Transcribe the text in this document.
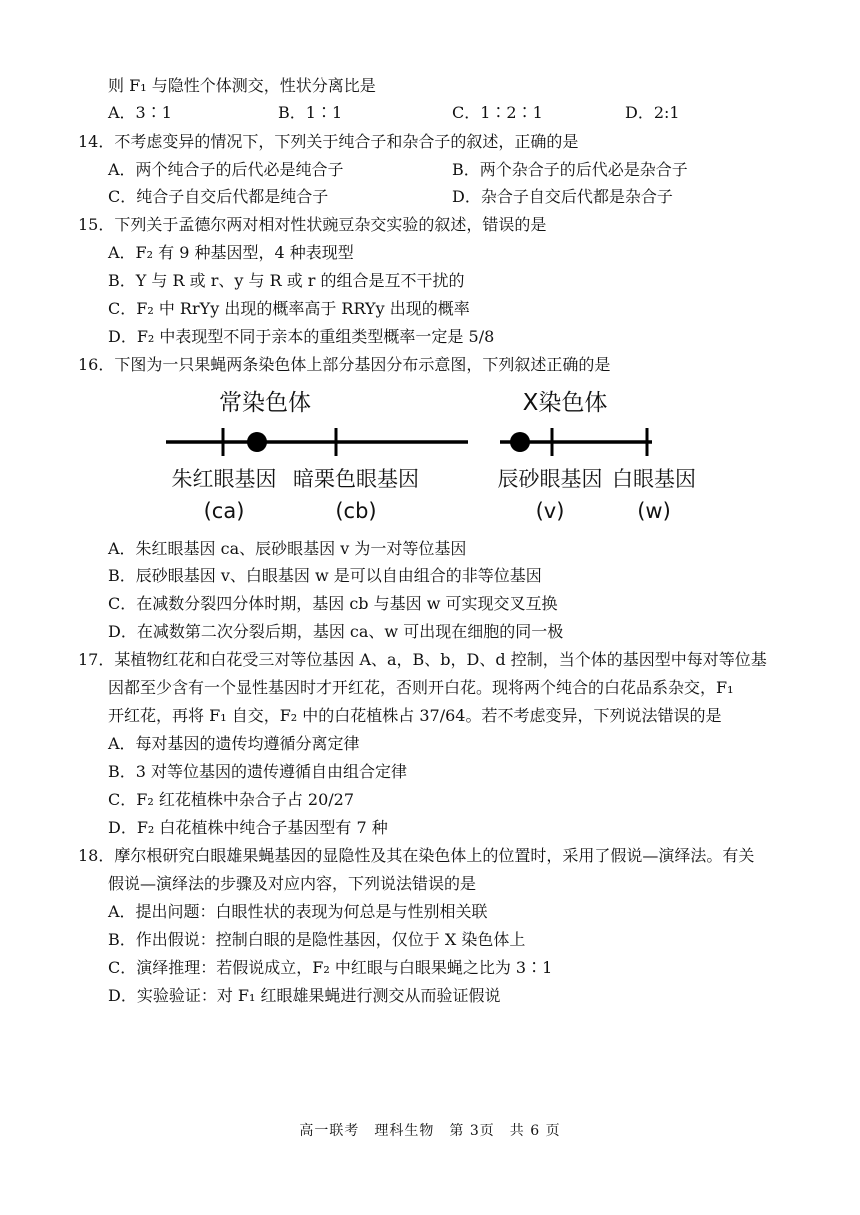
则 F₁ 与隐性个体测交，性状分离比是
A．3∶1	B．1∶1	C．1∶2∶1	D．2:1
14．不考虑变异的情况下，下列关于纯合子和杂合子的叙述，正确的是
A．两个纯合子的后代必是纯合子	B．两个杂合子的后代必是杂合子
C．纯合子自交后代都是纯合子	D．杂合子自交后代都是杂合子
15．下列关于孟德尔两对相对性状豌豆杂交实验的叙述，错误的是
A．F₂ 有 9 种基因型，4 种表现型
B．Y 与 R 或 r、y 与 R 或 r 的组合是互不干扰的
C．F₂ 中 RrYy 出现的概率高于 RRYy 出现的概率
D．F₂ 中表现型不同于亲本的重组类型概率一定是 5/8
16．下图为一只果蝇两条染色体上部分基因分布示意图，下列叙述正确的是
常染色体
朱红眼基因
(ca)
暗栗色眼基因
(cb)
X染色体
辰砂眼基因
(v)
白眼基因
(w)
A．朱红眼基因 ca、辰砂眼基因 v 为一对等位基因
B．辰砂眼基因 v、白眼基因 w 是可以自由组合的非等位基因
C．在减数分裂四分体时期，基因 cb 与基因 w 可实现交叉互换
D．在减数第二次分裂后期，基因 ca、w 可出现在细胞的同一极
17．某植物红花和白花受三对等位基因 A、a，B、b，D、d 控制，当个体的基因型中每对等位基
因都至少含有一个显性基因时才开红花，否则开白花。现将两个纯合的白花品系杂交，F₁
开红花，再将 F₁ 自交，F₂ 中的白花植株占 37/64。若不考虑变异，下列说法错误的是
A．每对基因的遗传均遵循分离定律
B．3 对等位基因的遗传遵循自由组合定律
C．F₂ 红花植株中杂合子占 20/27
D．F₂ 白花植株中纯合子基因型有 7 种
18．摩尔根研究白眼雄果蝇基因的显隐性及其在染色体上的位置时，采用了假说—演绎法。有关
假说—演绎法的步骤及对应内容，下列说法错误的是
A．提出问题：白眼性状的表现为何总是与性别相关联
B．作出假说：控制白眼的是隐性基因，仅位于 X 染色体上
C．演绎推理：若假说成立，F₂ 中红眼与白眼果蝇之比为 3∶1
D．实验验证：对 F₁ 红眼雄果蝇进行测交从而验证假说
高一联考　理科生物　第 3页　共 6 页
